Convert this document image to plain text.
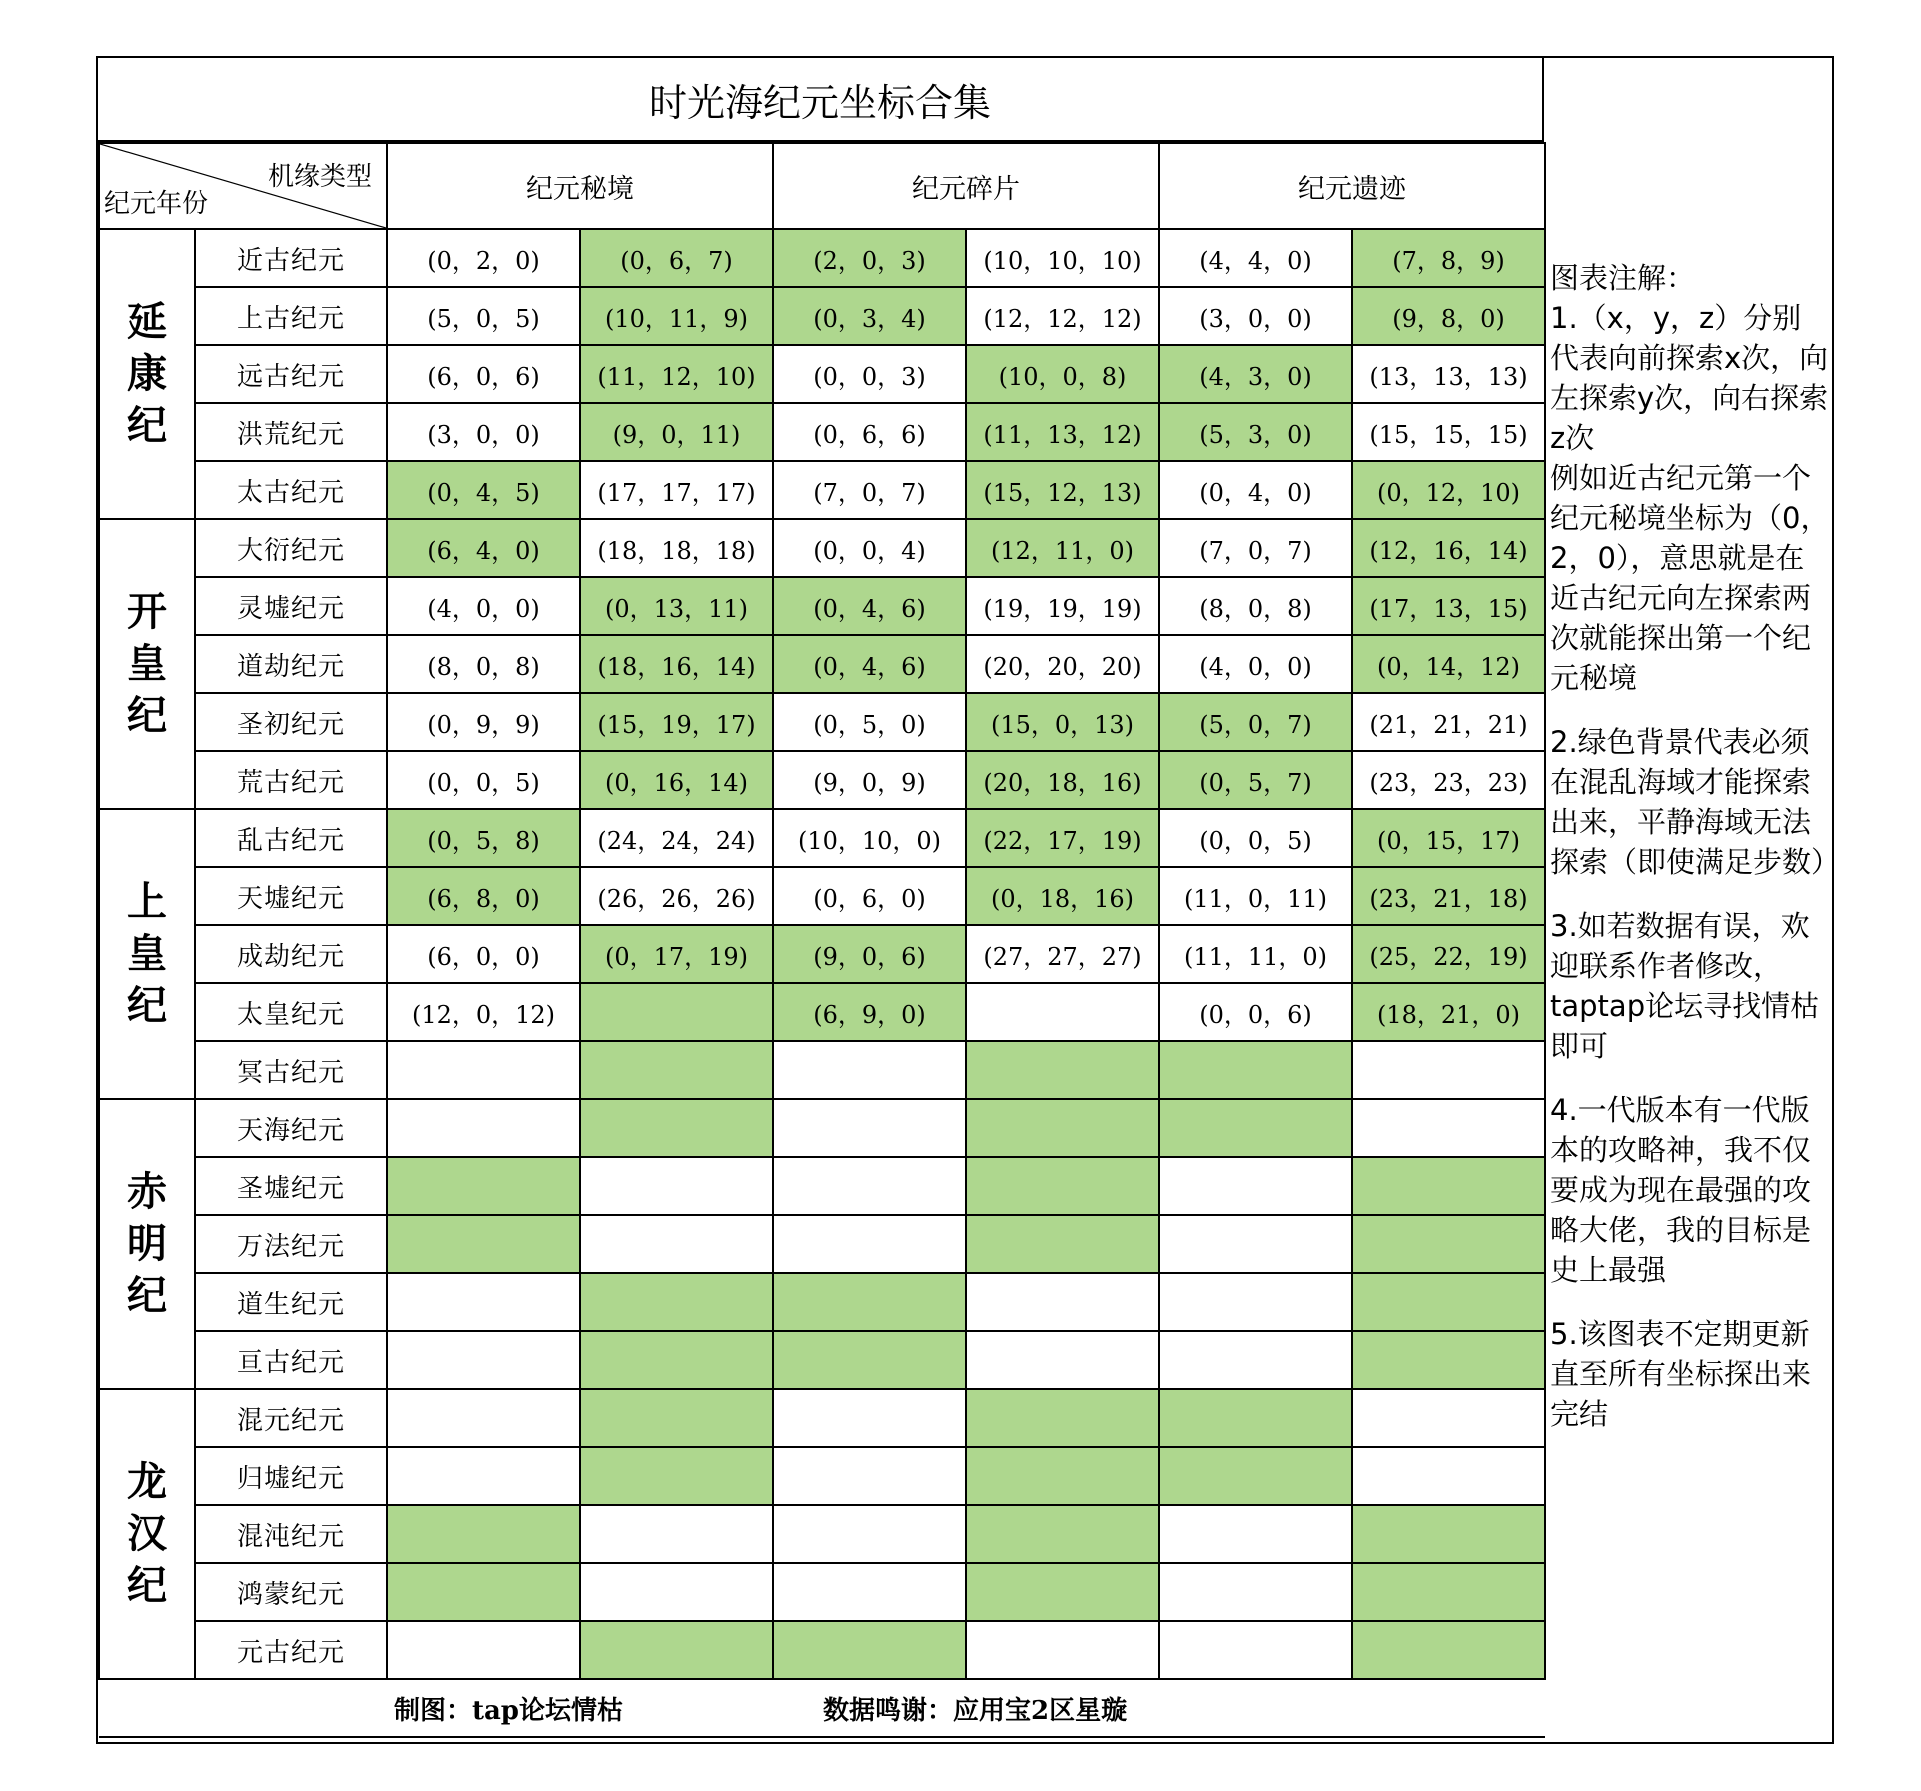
时光海纪元坐标合集
机缘类型
纪元年份		纪元秘境		纪元碎片		纪元遗迹	
延康纪	近古纪元	(0，2，0)	(0，6，7)	(2，0，3)	(10，10，10)	(4，4，0)	(7，8，9)
	上古纪元	(5，0，5)	(10，11，9)	(0，3，4)	(12，12，12)	(3，0，0)	(9，8，0)
	远古纪元	(6，0，6)	(11，12，10)	(0，0，3)	(10，0，8)	(4，3，0)	(13，13，13)
	洪荒纪元	(3，0，0)	(9，0，11)	(0，6，6)	(11，13，12)	(5，3，0)	(15，15，15)
	太古纪元	(0，4，5)	(17，17，17)	(7，0，7)	(15，12，13)	(0，4，0)	(0，12，10)
开皇纪	大衍纪元	(6，4，0)	(18，18，18)	(0，0，4)	(12，11，0)	(7，0，7)	(12，16，14)
	灵墟纪元	(4，0，0)	(0，13，11)	(0，4，6)	(19，19，19)	(8，0，8)	(17，13，15)
	道劫纪元	(8，0，8)	(18，16，14)	(0，4，6)	(20，20，20)	(4，0，0)	(0，14，12)
	圣初纪元	(0，9，9)	(15，19，17)	(0，5，0)	(15，0，13)	(5，0，7)	(21，21，21)
	荒古纪元	(0，0，5)	(0，16，14)	(9，0，9)	(20，18，16)	(0，5，7)	(23，23，23)
上皇纪	乱古纪元	(0，5，8)	(24，24，24)	(10，10，0)	(22，17，19)	(0，0，5)	(0，15，17)
	天墟纪元	(6，8，0)	(26，26，26)	(0，6，0)	(0，18，16)	(11，0，11)	(23，21，18)
	成劫纪元	(6，0，0)	(0，17，19)	(9，0，6)	(27，27，27)	(11，11，0)	(25，22，19)
	太皇纪元	(12，0，12)		(6，9，0)		(0，0，6)	(18，21，0)
	冥古纪元						
赤明纪	天海纪元						
	圣墟纪元						
	万法纪元						
	道生纪元						
	亘古纪元						
龙汉纪	混元纪元						
	归墟纪元						
	混沌纪元						
	鸿蒙纪元						
	元古纪元						
制图：tap论坛情枯				数据鸣谢：应用宝2区星璇			

图表注解：
1.（x，y，z）分别代表向前探索x次，向左探索y次，向右探索z次
例如近古纪元第一个纪元秘境坐标为（0，2，0），意思就是在近古纪元向左探索两次就能探出第一个纪元秘境

2.绿色背景代表必须在混乱海域才能探索出来，平静海域无法探索（即使满足步数）

3.如若数据有误，欢迎联系作者修改，taptap论坛寻找情枯即可

4.一代版本有一代版本的攻略神，我不仅要成为现在最强的攻略大佬，我的目标是史上最强

5.该图表不定期更新直至所有坐标探出来完结
